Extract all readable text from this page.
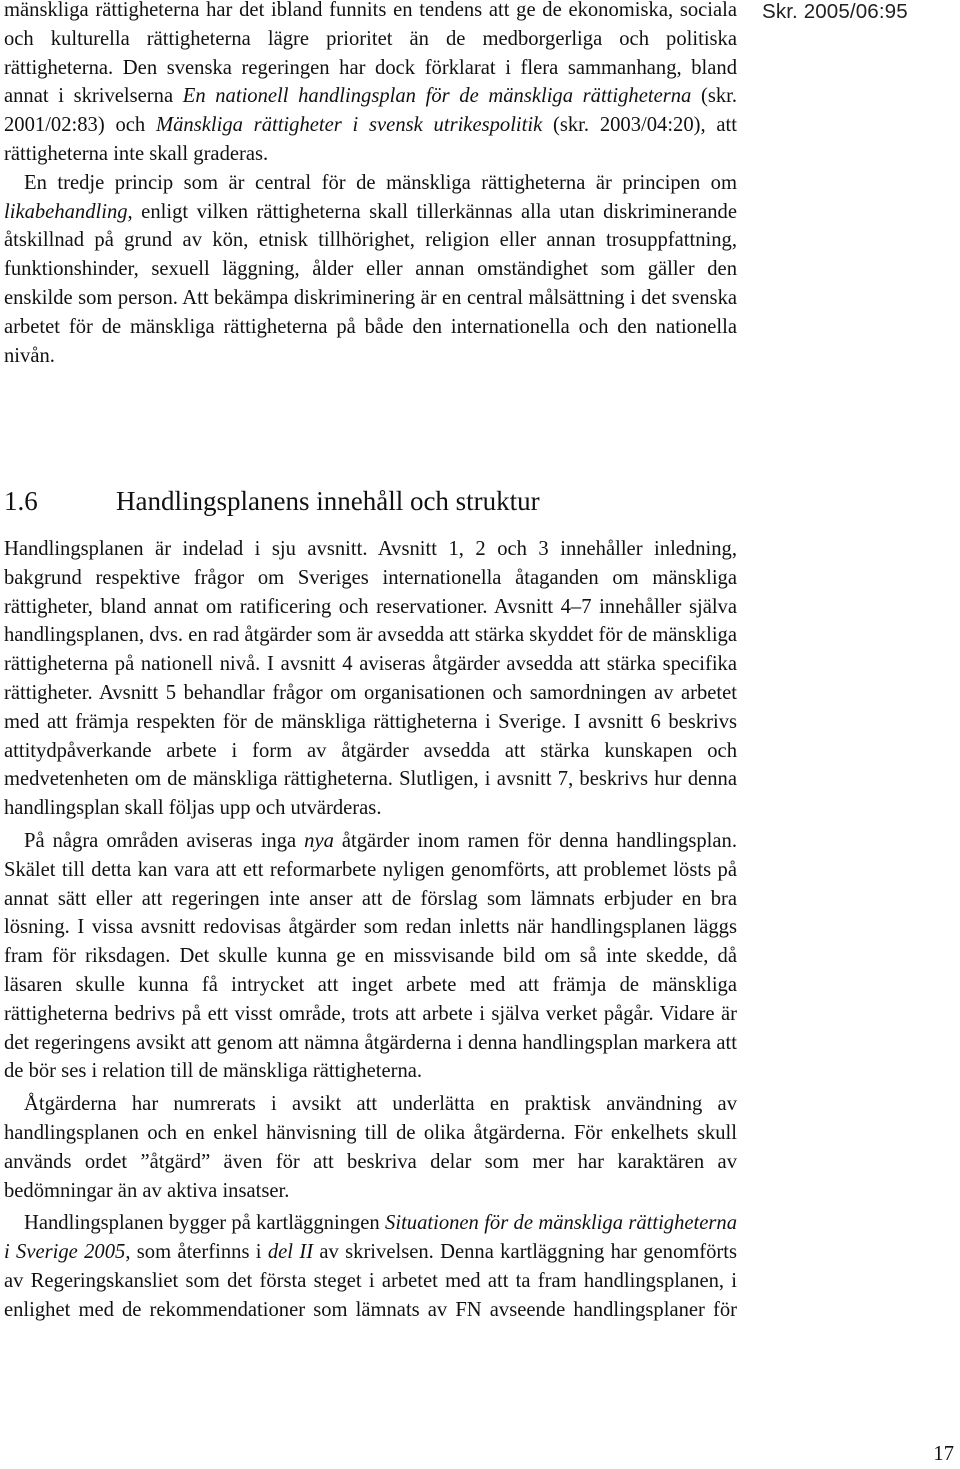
Skr. 2005/06:95

mänskliga rättigheterna har det ibland funnits en tendens att ge de ekonomiska, sociala och kulturella rättigheterna lägre prioritet än de medborgerliga och politiska rättigheterna. Den svenska regeringen har dock förklarat i flera sammanhang, bland annat i skrivelserna En nationell handlingsplan för de mänskliga rättigheterna (skr. 2001/02:83) och Mänskliga rättigheter i svensk utrikespolitik (skr. 2003/04:20), att rättigheterna inte skall graderas.

En tredje princip som är central för de mänskliga rättigheterna är principen om likabehandling, enligt vilken rättigheterna skall tillerkännas alla utan diskriminerande åtskillnad på grund av kön, etnisk tillhörighet, religion eller annan trosuppfattning, funktionshinder, sexuell läggning, ålder eller annan omständighet som gäller den enskilde som person. Att bekämpa diskriminering är en central målsättning i det svenska arbetet för de mänskliga rättigheterna på både den internationella och den nationella nivån.

1.6	Handlingsplanens innehåll och struktur

Handlingsplanen är indelad i sju avsnitt. Avsnitt 1, 2 och 3 innehåller inledning, bakgrund respektive frågor om Sveriges internationella åtaganden om mänskliga rättigheter, bland annat om ratificering och reservationer. Avsnitt 4–7 innehåller själva handlingsplanen, dvs. en rad åtgärder som är avsedda att stärka skyddet för de mänskliga rättigheterna på nationell nivå. I avsnitt 4 aviseras åtgärder avsedda att stärka specifika rättigheter. Avsnitt 5 behandlar frågor om organisationen och samordningen av arbetet med att främja respekten för de mänskliga rättigheterna i Sverige. I avsnitt 6 beskrivs attitydpåverkande arbete i form av åtgärder avsedda att stärka kunskapen och medvetenheten om de mänskliga rättigheterna. Slutligen, i avsnitt 7, beskrivs hur denna handlingsplan skall följas upp och utvärderas.

På några områden aviseras inga nya åtgärder inom ramen för denna handlingsplan. Skälet till detta kan vara att ett reformarbete nyligen genomförts, att problemet lösts på annat sätt eller att regeringen inte anser att de förslag som lämnats erbjuder en bra lösning. I vissa avsnitt redovisas åtgärder som redan inletts när handlingsplanen läggs fram för riksdagen. Det skulle kunna ge en missvisande bild om så inte skedde, då läsaren skulle kunna få intrycket att inget arbete med att främja de mänskliga rättigheterna bedrivs på ett visst område, trots att arbete i själva verket pågår. Vidare är det regeringens avsikt att genom att nämna åtgärderna i denna handlingsplan markera att de bör ses i relation till de mänskliga rättigheterna.

Åtgärderna har numrerats i avsikt att underlätta en praktisk användning av handlingsplanen och en enkel hänvisning till de olika åtgärderna. För enkelhets skull används ordet ”åtgärd” även för att beskriva delar som mer har karaktären av bedömningar än av aktiva insatser.

Handlingsplanen bygger på kartläggningen Situationen för de mänskliga rättigheterna i Sverige 2005, som återfinns i del II av skrivelsen. Denna kartläggning har genomförts av Regeringskansliet som det första steget i arbetet med att ta fram handlingsplanen, i enlighet med de rekommendationer som lämnats av FN avseende handlingsplaner för

17
